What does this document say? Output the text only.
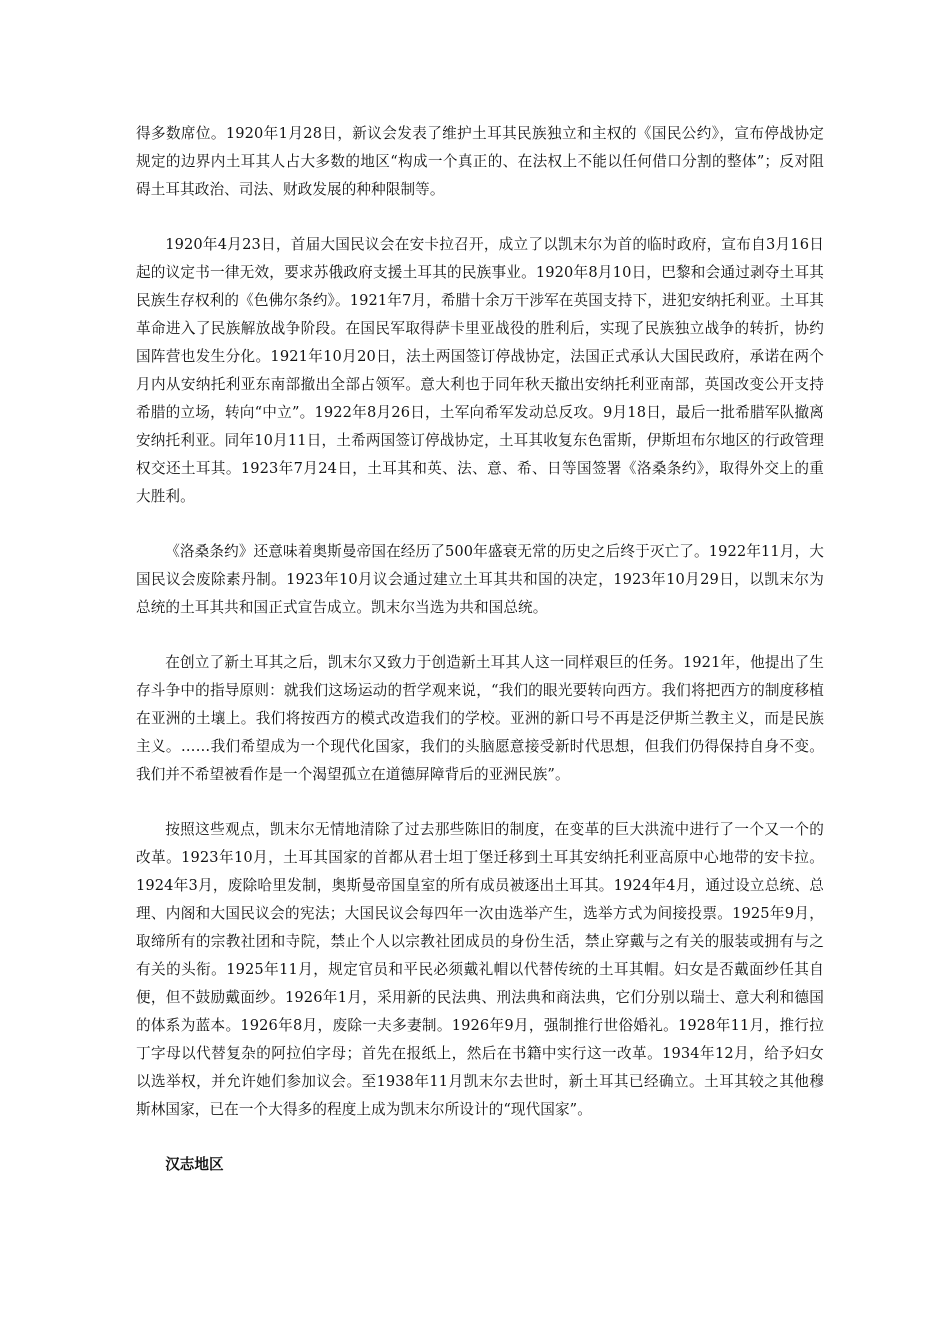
得多数席位。1920年1月28日，新议会发表了维护土耳其民族独立和主权的《国民公约》，宣布停战协定规定的边界内土耳其人占大多数的地区“构成一个真正的、在法权上不能以任何借口分割的整体”；反对阻碍土耳其政治、司法、财政发展的种种限制等。

1920年4月23日，首届大国民议会在安卡拉召开，成立了以凯末尔为首的临时政府，宣布自3月16日起的议定书一律无效，要求苏俄政府支援土耳其的民族事业。1920年8月10日，巴黎和会通过剥夺土耳其民族生存权利的《色佛尔条约》。1921年7月，希腊十余万干涉军在英国支持下，进犯安纳托利亚。土耳其革命进入了民族解放战争阶段。在国民军取得萨卡里亚战役的胜利后，实现了民族独立战争的转折，协约国阵营也发生分化。1921年10月20日，法土两国签订停战协定，法国正式承认大国民政府，承诺在两个月内从安纳托利亚东南部撤出全部占领军。意大利也于同年秋天撤出安纳托利亚南部，英国改变公开支持希腊的立场，转向“中立”。1922年8月26日，土军向希军发动总反攻。9月18日，最后一批希腊军队撤离安纳托利亚。同年10月11日，土希两国签订停战协定，土耳其收复东色雷斯，伊斯坦布尔地区的行政管理权交还土耳其。1923年7月24日，土耳其和英、法、意、希、日等国签署《洛桑条约》，取得外交上的重大胜利。

《洛桑条约》还意味着奥斯曼帝国在经历了500年盛衰无常的历史之后终于灭亡了。1922年11月，大国民议会废除素丹制。1923年10月议会通过建立土耳其共和国的决定，1923年10月29日，以凯末尔为总统的土耳其共和国正式宣告成立。凯末尔当选为共和国总统。

在创立了新土耳其之后，凯末尔又致力于创造新土耳其人这一同样艰巨的任务。1921年，他提出了生存斗争中的指导原则：就我们这场运动的哲学观来说，“我们的眼光要转向西方。我们将把西方的制度移植在亚洲的土壤上。我们将按西方的模式改造我们的学校。亚洲的新口号不再是泛伊斯兰教主义，而是民族主义。……我们希望成为一个现代化国家，我们的头脑愿意接受新时代思想，但我们仍得保持自身不变。我们并不希望被看作是一个渴望孤立在道德屏障背后的亚洲民族”。

按照这些观点，凯末尔无情地清除了过去那些陈旧的制度，在变革的巨大洪流中进行了一个又一个的改革。1923年10月，土耳其国家的首都从君士坦丁堡迁移到土耳其安纳托利亚高原中心地带的安卡拉。1924年3月，废除哈里发制，奥斯曼帝国皇室的所有成员被逐出土耳其。1924年4月，通过设立总统、总理、内阁和大国民议会的宪法；大国民议会每四年一次由选举产生，选举方式为间接投票。1925年9月，取缔所有的宗教社团和寺院，禁止个人以宗教社团成员的身份生活，禁止穿戴与之有关的服装或拥有与之有关的头衔。1925年11月，规定官员和平民必须戴礼帽以代替传统的土耳其帽。妇女是否戴面纱任其自便，但不鼓励戴面纱。1926年1月，采用新的民法典、刑法典和商法典，它们分别以瑞士、意大利和德国的体系为蓝本。1926年8月，废除一夫多妻制。1926年9月，强制推行世俗婚礼。1928年11月，推行拉丁字母以代替复杂的阿拉伯字母；首先在报纸上，然后在书籍中实行这一改革。1934年12月，给予妇女以选举权，并允许她们参加议会。至1938年11月凯末尔去世时，新土耳其已经确立。土耳其较之其他穆斯林国家，已在一个大得多的程度上成为凯末尔所设计的“现代国家”。

汉志地区
